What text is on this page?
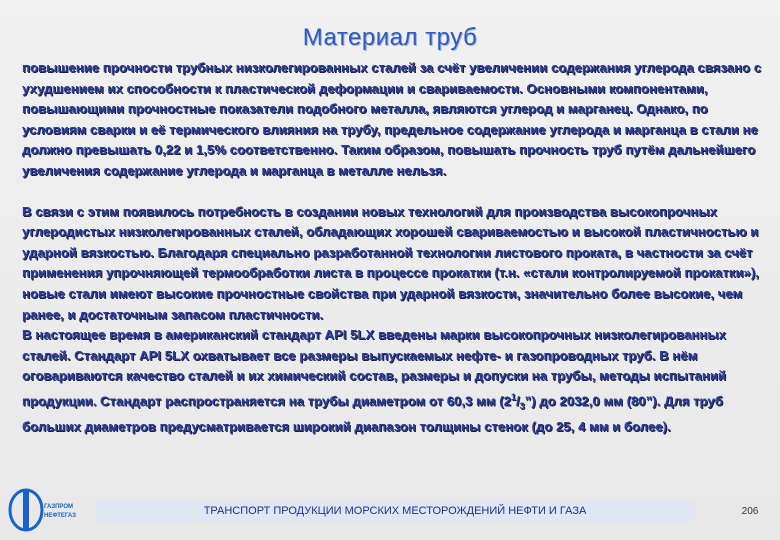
Материал труб

повышение прочности трубных низколегированных сталей за счёт увеличении содержания углерода связано с ухудшением их способности к пластической деформации и свариваемости. Основными компонентами, повышающими прочностные показатели подобного металла, являются углерод и марганец. Однако, по условиям сварки и её термического влияния на трубу, предельное содержание углерода и марганца в стали не должно превышать 0,22 и 1,5% соответственно. Таким образом, повышать прочность труб путём дальнейшего увеличения содержание углерода и марганца в металле нельзя.

В связи с этим появилось потребность в создании новых технологий для производства высокопрочных углеродистых низколегированных сталей, обладающих хорошей свариваемостью и высокой пластичностью и ударной вязкостью. Благодаря специально разработанной технологии листового проката, в частности за счёт применения упрочняющей термообработки листа в процессе прокатки (т.н. «стали контролируемой прокатки»), новые стали имеют высокие прочностные свойства при ударной вязкости, значительно более высокие, чем ранее, и достаточным запасом пластичности.

В настоящее время в американский стандарт API 5LX введены марки высокопрочных низколегированных сталей. Стандарт API 5LX охватывает все размеры выпускаемых нефте- и газопроводных труб. В нём оговариваются качество сталей и их химический состав, размеры и допуски на трубы, методы испытаний продукции. Стандарт распространяется на трубы диаметром от 60,3 мм $(2^1/_3”)$ до 2032,0 мм (80”). Для труб больших диаметров предусматривается широкий диапазон толщины стенок (до 25, 4 мм и более).

ГАЗПРОМ
НЕФТЕГАЗ	ТРАНСПОРТ ПРОДУКЦИИ МОРСКИХ МЕСТОРОЖДЕНИЙ НЕФТИ И ГАЗА	206
